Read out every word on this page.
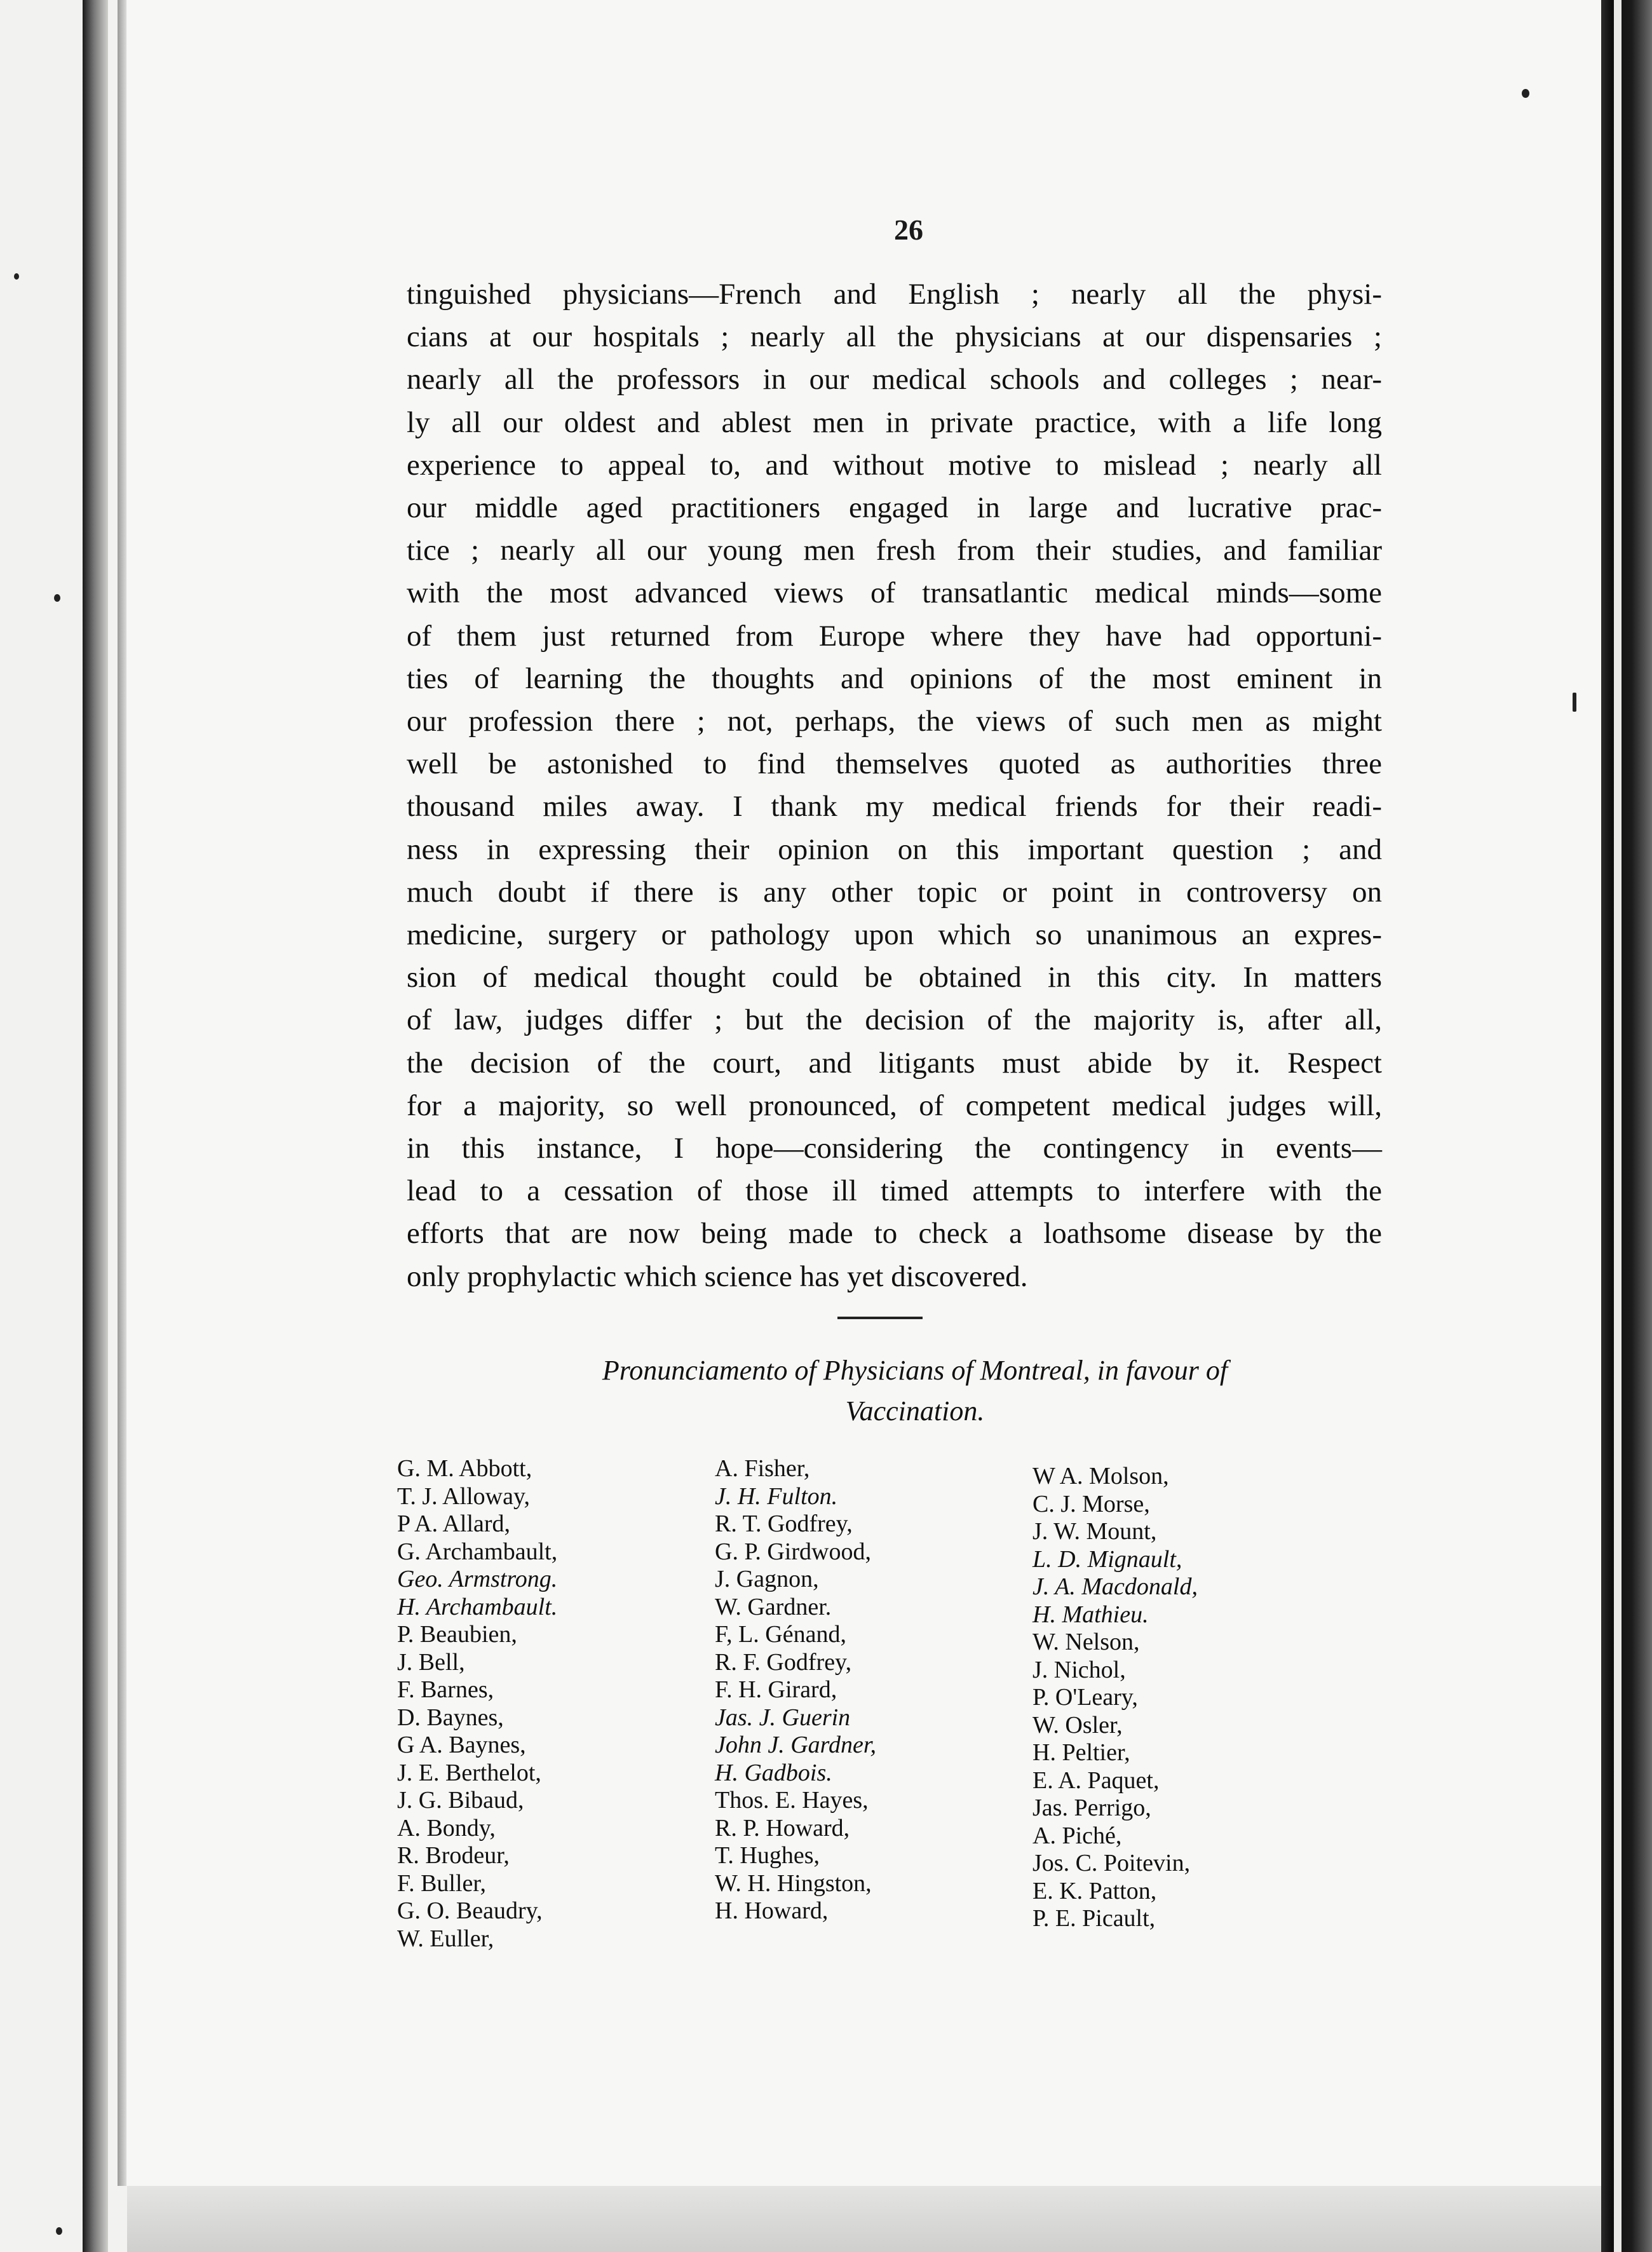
26
tinguished physicians—French and English ; nearly all the physi-
cians at our hospitals ; nearly all the physicians at our dispensaries ;
nearly all the professors in our medical schools and colleges ; near-
ly all our oldest and ablest men in private practice, with a life long
experience to appeal to, and without motive to mislead ; nearly all
our middle aged practitioners engaged in large and lucrative prac-
tice ; nearly all our young men fresh from their studies, and familiar
with the most advanced views of transatlantic medical minds—some
of them just returned from Europe where they have had opportuni-
ties of learning the thoughts and opinions of the most eminent in
our profession there ; not, perhaps, the views of such men as might
well be astonished to find themselves quoted as authorities three
thousand miles away. I thank my medical friends for their readi-
ness in expressing their opinion on this important question ; and
much doubt if there is any other topic or point in controversy on
medicine, surgery or pathology upon which so unanimous an expres-
sion of medical thought could be obtained in this city. In matters
of law, judges differ ; but the decision of the majority is, after all,
the decision of the court, and litigants must abide by it. Respect
for a majority, so well pronounced, of competent medical judges will,
in this instance, I hope—considering the contingency in events—
lead to a cessation of those ill timed attempts to interfere with the
efforts that are now being made to check a loathsome disease by the
only prophylactic which science has yet discovered.
Pronunciamento of Physicians of Montreal, in favour of
Vaccination.
G. M. Abbott,
T. J. Alloway,
P A. Allard,
G. Archambault,
Geo. Armstrong.
H. Archambault.
P. Beaubien,
J. Bell,
F. Barnes,
D. Baynes,
G A. Baynes,
J. E. Berthelot,
J. G. Bibaud,
A. Bondy,
R. Brodeur,
F. Buller,
G. O. Beaudry,
W. Euller,
A. Fisher,
J. H. Fulton.
R. T. Godfrey,
G. P. Girdwood,
J. Gagnon,
W. Gardner.
F, L. Génand,
R. F. Godfrey,
F. H. Girard,
Jas. J. Guerin
John J. Gardner,
H. Gadbois.
Thos. E. Hayes,
R. P. Howard,
T. Hughes,
W. H. Hingston,
H. Howard,
W A. Molson,
C. J. Morse,
J. W. Mount,
L. D. Mignault,
J. A. Macdonald,
H. Mathieu.
W. Nelson,
J. Nichol,
P. O'Leary,
W. Osler,
H. Peltier,
E. A. Paquet,
Jas. Perrigo,
A. Piché,
Jos. C. Poitevin,
E. K. Patton,
P. E. Picault,
